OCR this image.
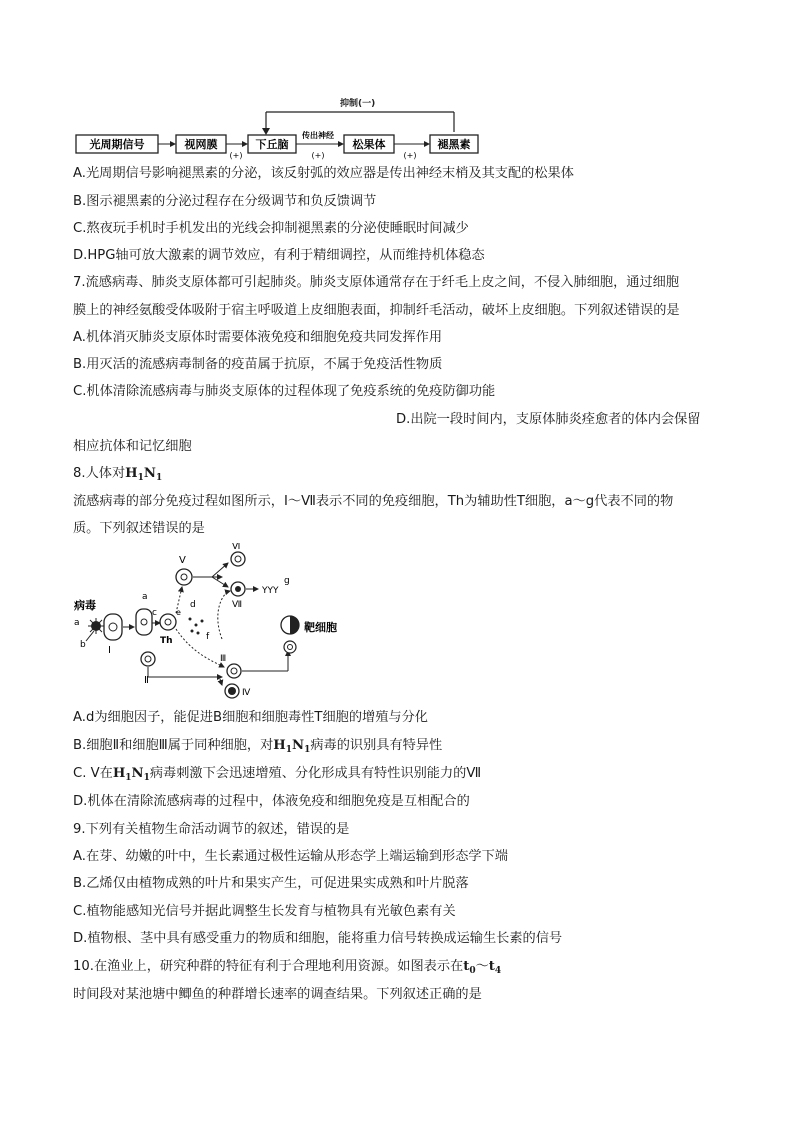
抑制(一)
光周期信号	视网膜
(+)
下丘脑
传出神经
(+)
松果体
(+)
褪黑素
A.光周期信号影响褪黑素的分泌，该反射弧的效应器是传出神经末梢及其支配的松果体
B.图示褪黑素的分泌过程存在分级调节和负反馈调节
C.熬夜玩手机时手机发出的光线会抑制褪黑素的分泌使睡眠时间减少
D.HPG轴可放大激素的调节效应，有利于精细调控，从而维持机体稳态
7.流感病毒、肺炎支原体都可引起肺炎。肺炎支原体通常存在于纤毛上皮之间，不侵入肺细胞，通过细胞
膜上的神经氨酸受体吸附于宿主呼吸道上皮细胞表面，抑制纤毛活动，破坏上皮细胞。下列叙述错误的是
A.机体消灭肺炎支原体时需要体液免疫和细胞免疫共同发挥作用
B.用灭活的流感病毒制备的疫苗属于抗原，不属于免疫活性物质
C.机体清除流感病毒与肺炎支原体的过程体现了免疫系统的免疫防御功能
D.出院一段时间内，支原体肺炎痊愈者的体内会保留
相应抗体和记忆细胞
8.人体对$H_1N_1$
流感病毒的部分免疫过程如图所示，Ⅰ～Ⅶ表示不同的免疫细胞，Th为辅助性T细胞，a～g代表不同的物
质。下列叙述错误的是
病毒
a
b Ⅰ
a
c
Th
d
e
f
Ⅴ
Ⅵ
Ⅶ
YYY
g
Ⅱ
Ⅲ
Ⅳ
靶细胞
A.d为细胞因子，能促进B细胞和细胞毒性T细胞的增殖与分化
B.细胞Ⅱ和细胞Ⅲ属于同种细胞，对$H_1N_1$病毒的识别具有特异性
C. Ⅴ在$H_1N_1$病毒刺激下会迅速增殖、分化形成具有特性识别能力的Ⅶ
D.机体在清除流感病毒的过程中，体液免疫和细胞免疫是互相配合的
9.下列有关植物生命活动调节的叙述，错误的是
A.在芽、幼嫩的叶中，生长素通过极性运输从形态学上端运输到形态学下端
B.乙烯仅由植物成熟的叶片和果实产生，可促进果实成熟和叶片脱落
C.植物能感知光信号并据此调整生长发育与植物具有光敏色素有关
D.植物根、茎中具有感受重力的物质和细胞，能将重力信号转换成运输生长素的信号
10.在渔业上，研究种群的特征有利于合理地利用资源。如图表示在$t_0\sim t_4$
时间段对某池塘中鲫鱼的种群增长速率的调查结果。下列叙述正确的是
